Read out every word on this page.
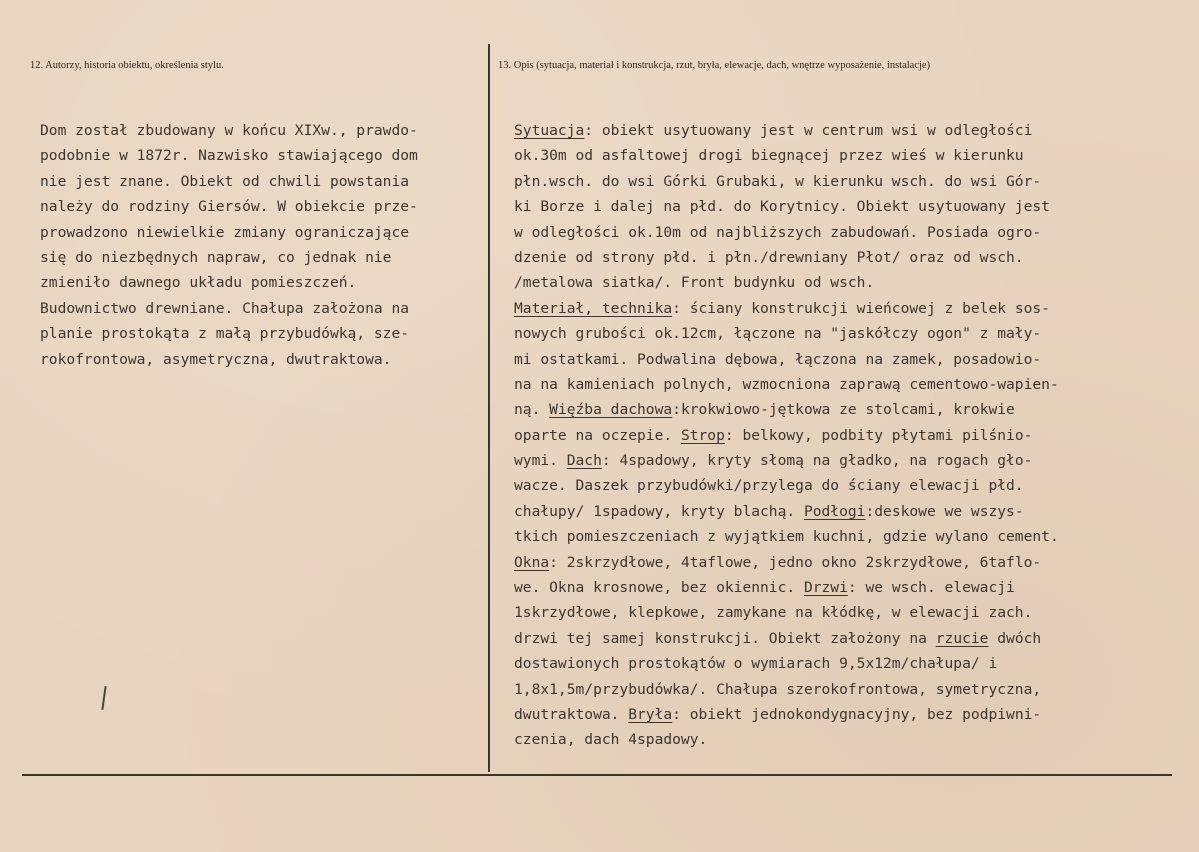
12. Autorzy, historia obiektu, określenia stylu.	13. Opis (sytuacja, materiał i konstrukcja, rzut, bryła, elewacje, dach, wnętrze wyposażenie, instalacje)
Dom został zbudowany w końcu XIXw., prawdo-
podobnie w 1872r. Nazwisko stawiającego dom
nie jest znane. Obiekt od chwili powstania
należy do rodziny Giersów. W obiekcie prze-
prowadzono niewielkie zmiany ograniczające
się do niezbędnych napraw, co jednak nie
zmieniło dawnego układu pomieszczeń.
Budownictwo drewniane. Chałupa założona na
planie prostokąta z małą przybudówką, sze-
rokofrontowa, asymetryczna, dwutraktowa.
Sytuacja: obiekt usytuowany jest w centrum wsi w odległości
ok.30m od asfaltowej drogi biegnącej przez wieś w kierunku
płn.wsch. do wsi Górki Grubaki, w kierunku wsch. do wsi Gór-
ki Borze i dalej na płd. do Korytnicy. Obiekt usytuowany jest
w odległości ok.10m od najbliższych zabudowań. Posiada ogro-
dzenie od strony płd. i płn./drewniany Płot/ oraz od wsch.
/metalowa siatka/. Front budynku od wsch.
Materiał, technika: ściany konstrukcji wieńcowej z belek sos-
nowych grubości ok.12cm, łączone na "jaskółczy ogon" z mały-
mi ostatkami. Podwalina dębowa, łączona na zamek, posadowio-
na na kamieniach polnych, wzmocniona zaprawą cementowo-wapien-
ną. Więźba dachowa:krokwiowo-jętkowa ze stolcami, krokwie
oparte na oczepie. Strop: belkowy, podbity płytami pilśnio-
wymi. Dach: 4spadowy, kryty słomą na gładko, na rogach gło-
wacze. Daszek przybudówki/przylega do ściany elewacji płd.
chałupy/ 1spadowy, kryty blachą. Podłogi:deskowe we wszys-
tkich pomieszczeniach z wyjątkiem kuchni, gdzie wylano cement.
Okna: 2skrzydłowe, 4taflowe, jedno okno 2skrzydłowe, 6taflo-
we. Okna krosnowe, bez okiennic. Drzwi: we wsch. elewacji
1skrzydłowe, klepkowe, zamykane na kłódkę, w elewacji zach.
drzwi tej samej konstrukcji. Obiekt założony na rzucie dwóch
dostawionych prostokątów o wymiarach 9,5x12m/chałupa/ i
1,8x1,5m/przybudówka/. Chałupa szerokofrontowa, symetryczna,
dwutraktowa. Bryła: obiekt jednokondygnacyjny, bez podpiwni-
czenia, dach 4spadowy.
